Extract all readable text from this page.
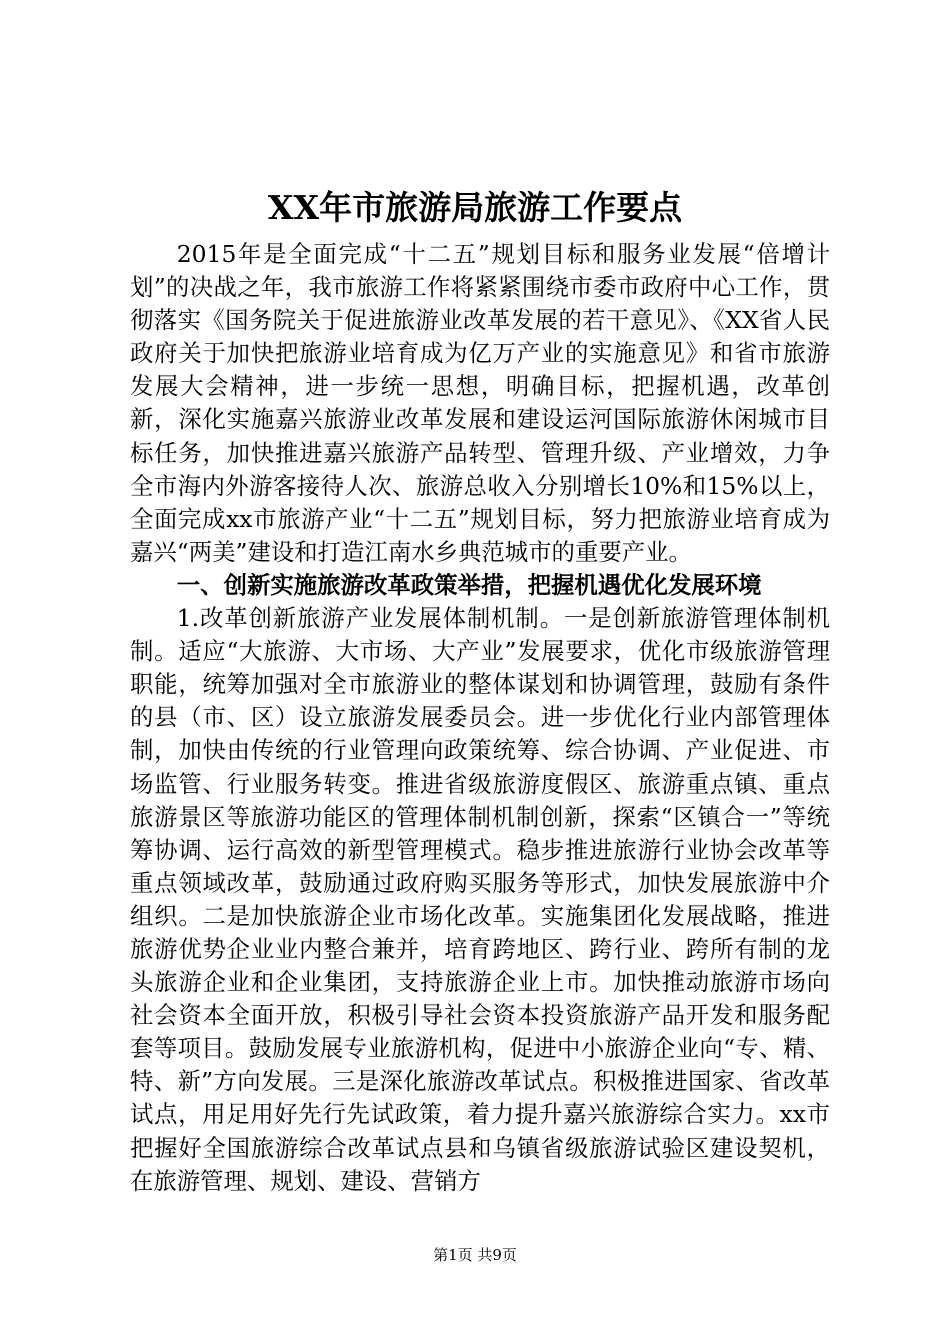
XX年市旅游局旅游工作要点

2015年是全面完成“十二五”规划目标和服务业发展“倍增计划”的决战之年，我市旅游工作将紧紧围绕市委市政府中心工作，贯彻落实《国务院关于促进旅游业改革发展的若干意见》、《XX省人民政府关于加快把旅游业培育成为亿万产业的实施意见》和省市旅游发展大会精神，进一步统一思想，明确目标，把握机遇，改革创新，深化实施嘉兴旅游业改革发展和建设运河国际旅游休闲城市目标任务，加快推进嘉兴旅游产品转型、管理升级、产业增效，力争全市海内外游客接待人次、旅游总收入分别增长10%和15%以上，全面完成xx市旅游产业“十二五”规划目标，努力把旅游业培育成为嘉兴“两美”建设和打造江南水乡典范城市的重要产业。

一、创新实施旅游改革政策举措，把握机遇优化发展环境

1.改革创新旅游产业发展体制机制。一是创新旅游管理体制机制。适应“大旅游、大市场、大产业”发展要求，优化市级旅游管理职能，统筹加强对全市旅游业的整体谋划和协调管理，鼓励有条件的县（市、区）设立旅游发展委员会。进一步优化行业内部管理体制，加快由传统的行业管理向政策统筹、综合协调、产业促进、市场监管、行业服务转变。推进省级旅游度假区、旅游重点镇、重点旅游景区等旅游功能区的管理体制机制创新，探索“区镇合一”等统筹协调、运行高效的新型管理模式。稳步推进旅游行业协会改革等重点领域改革，鼓励通过政府购买服务等形式，加快发展旅游中介组织。二是加快旅游企业市场化改革。实施集团化发展战略，推进旅游优势企业业内整合兼并，培育跨地区、跨行业、跨所有制的龙头旅游企业和企业集团，支持旅游企业上市。加快推动旅游市场向社会资本全面开放，积极引导社会资本投资旅游产品开发和服务配套等项目。鼓励发展专业旅游机构，促进中小旅游企业向“专、精、特、新”方向发展。三是深化旅游改革试点。积极推进国家、省改革试点，用足用好先行先试政策，着力提升嘉兴旅游综合实力。xx市把握好全国旅游综合改革试点县和乌镇省级旅游试验区建设契机，在旅游管理、规划、建设、营销方

第1页 共9页
